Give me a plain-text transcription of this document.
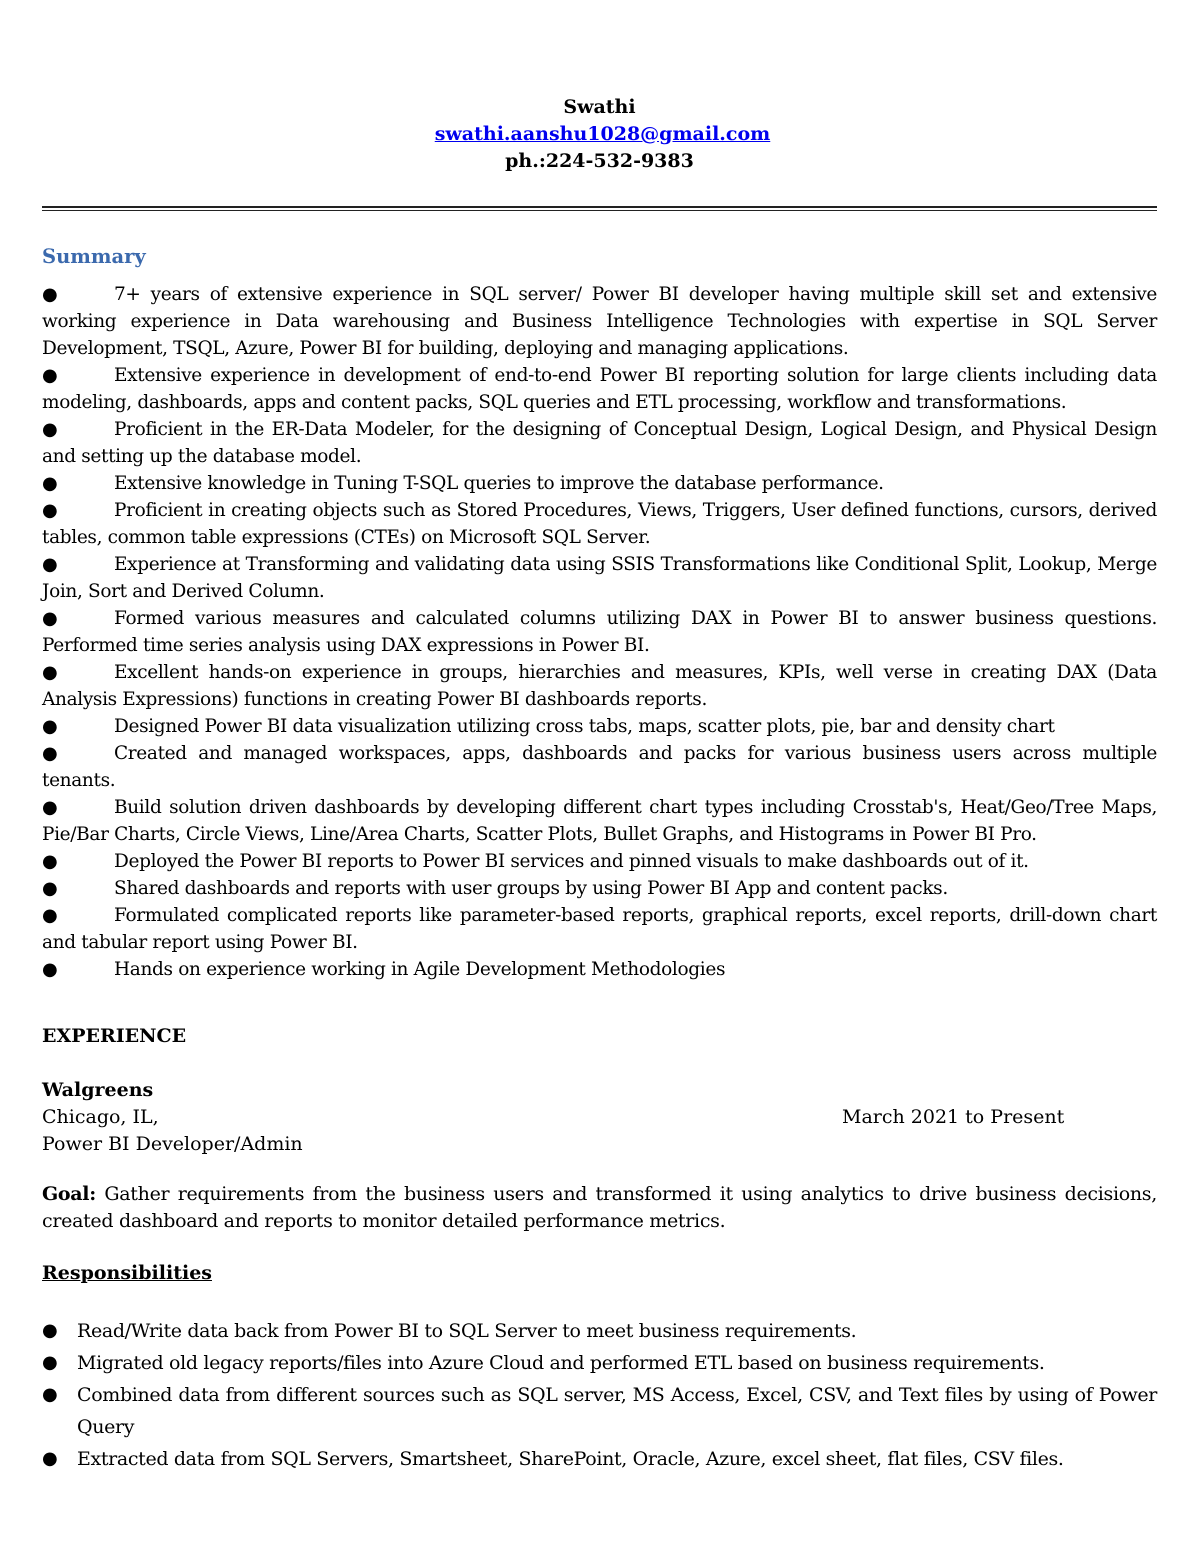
Swathi
swathi.aanshu1028@gmail.com
ph.:224-532-9383
Summary
●	7+ years of extensive experience in SQL server/ Power BI developer having multiple skill set and extensive working experience in Data warehousing and Business Intelligence Technologies with expertise in SQL Server Development, TSQL, Azure, Power BI for building, deploying and managing applications.
●	Extensive experience in development of end-to-end Power BI reporting solution for large clients including data modeling, dashboards, apps and content packs, SQL queries and ETL processing, workflow and transformations.
●	Proficient in the ER-Data Modeler, for the designing of Conceptual Design, Logical Design, and Physical Design and setting up the database model.
●	Extensive knowledge in Tuning T-SQL queries to improve the database performance.
●	Proficient in creating objects such as Stored Procedures, Views, Triggers, User defined functions, cursors, derived tables, common table expressions (CTEs) on Microsoft SQL Server.
●	Experience at Transforming and validating data using SSIS Transformations like Conditional Split, Lookup, Merge Join, Sort and Derived Column.
●	Formed various measures and calculated columns utilizing DAX in Power BI to answer business questions. Performed time series analysis using DAX expressions in Power BI.
●	Excellent hands-on experience in groups, hierarchies and measures, KPIs, well verse in creating DAX (Data Analysis Expressions) functions in creating Power BI dashboards reports.
●	Designed Power BI data visualization utilizing cross tabs, maps, scatter plots, pie, bar and density chart
●	Created and managed workspaces, apps, dashboards and packs for various business users across multiple tenants.
●	Build solution driven dashboards by developing different chart types including Crosstab's, Heat/Geo/Tree Maps, Pie/Bar Charts, Circle Views, Line/Area Charts, Scatter Plots, Bullet Graphs, and Histograms in Power BI Pro.
●	Deployed the Power BI reports to Power BI services and pinned visuals to make dashboards out of it.
●	Shared dashboards and reports with user groups by using Power BI App and content packs.
●	Formulated complicated reports like parameter-based reports, graphical reports, excel reports, drill-down chart and tabular report using Power BI.
●	Hands on experience working in Agile Development Methodologies
EXPERIENCE
Walgreens
Chicago, IL,	March 2021 to Present
Power BI Developer/Admin
Goal: Gather requirements from the business users and transformed it using analytics to drive business decisions, created dashboard and reports to monitor detailed performance metrics.
Responsibilities
● Read/Write data back from Power BI to SQL Server to meet business requirements.
● Migrated old legacy reports/files into Azure Cloud and performed ETL based on business requirements.
● Combined data from different sources such as SQL server, MS Access, Excel, CSV, and Text files by using of Power Query
● Extracted data from SQL Servers, Smartsheet, SharePoint, Oracle, Azure, excel sheet, flat files, CSV files.
